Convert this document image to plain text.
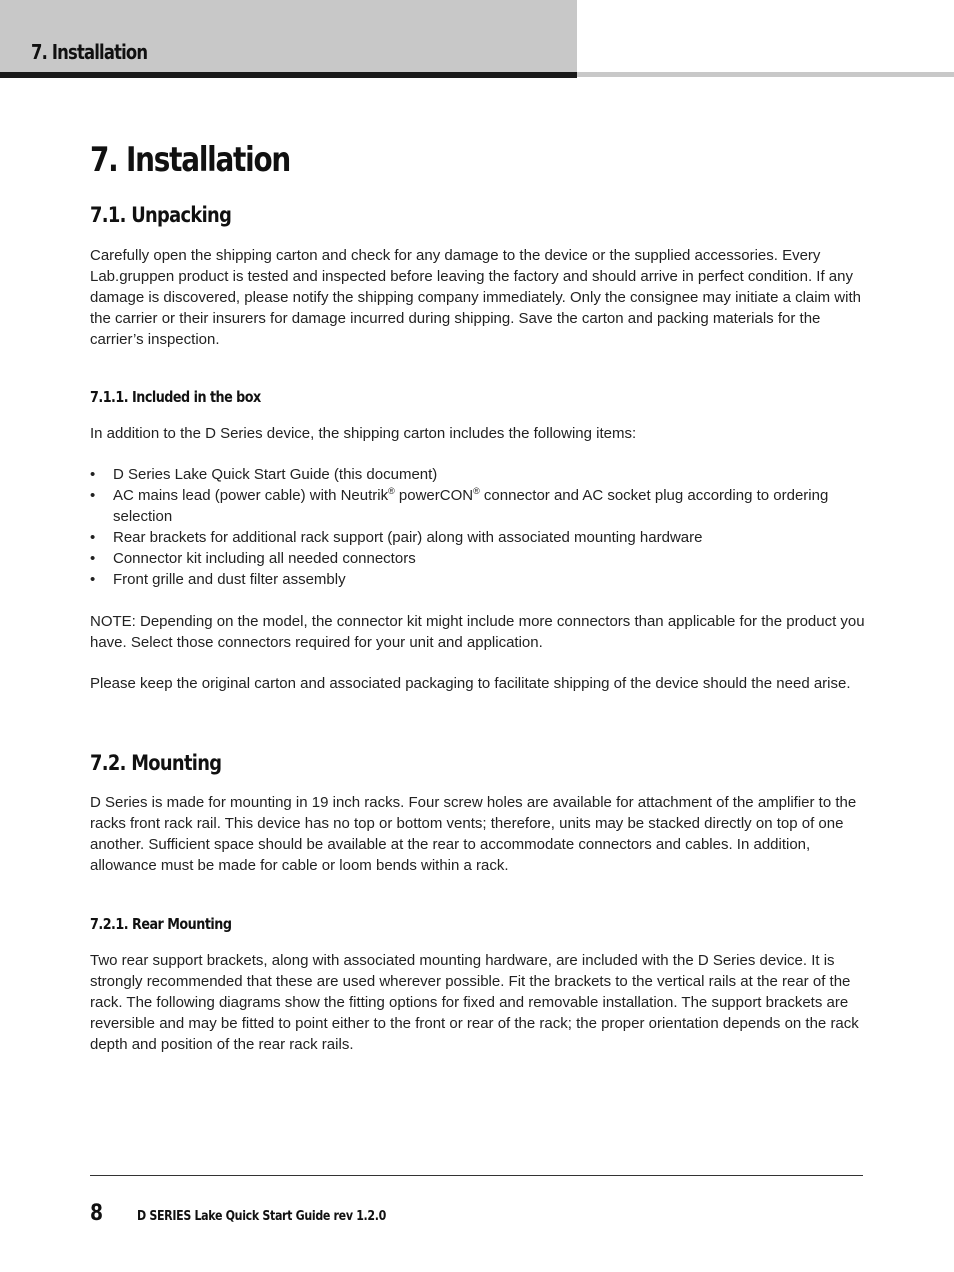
7. Installation
7. Installation
7.1. Unpacking

Carefully open the shipping carton and check for any damage to the device or the supplied accessories. Every Lab.gruppen product is tested and inspected before leaving the factory and should arrive in perfect condition. If any damage is discovered, please notify the shipping company immediately. Only the consignee may initiate a claim with the carrier or their insurers for damage incurred during shipping. Save the carton and packing materials for the carrier’s inspection.

7.1.1. Included in the box

In addition to the D Series device, the shipping carton includes the following items:

• D Series Lake Quick Start Guide (this document)
• AC mains lead (power cable) with Neutrik® powerCON® connector and AC socket plug according to ordering selection
• Rear brackets for additional rack support (pair) along with associated mounting hardware
• Connector kit including all needed connectors
• Front grille and dust filter assembly

NOTE: Depending on the model, the connector kit might include more connectors than applicable for the product you have. Select those connectors required for your unit and application.

Please keep the original carton and associated packaging to facilitate shipping of the device should the need arise.

7.2. Mounting

D Series is made for mounting in 19 inch racks. Four screw holes are available for attachment of the amplifier to the racks front rack rail. This device has no top or bottom vents; therefore, units may be stacked directly on top of one another. Sufficient space should be available at the rear to accommodate connectors and cables. In addition, allowance must be made for cable or loom bends within a rack.

7.2.1. Rear Mounting

Two rear support brackets, along with associated mounting hardware, are included with the D Series device. It is strongly recommended that these are used wherever possible. Fit the brackets to the vertical rails at the rear of the rack. The following diagrams show the fitting options for fixed and removable installation. The support brackets are reversible and may be fitted to point either to the front or rear of the rack; the proper orientation depends on the rack depth and position of the rear rack rails.

8	D SERIES Lake Quick Start Guide rev 1.2.0
